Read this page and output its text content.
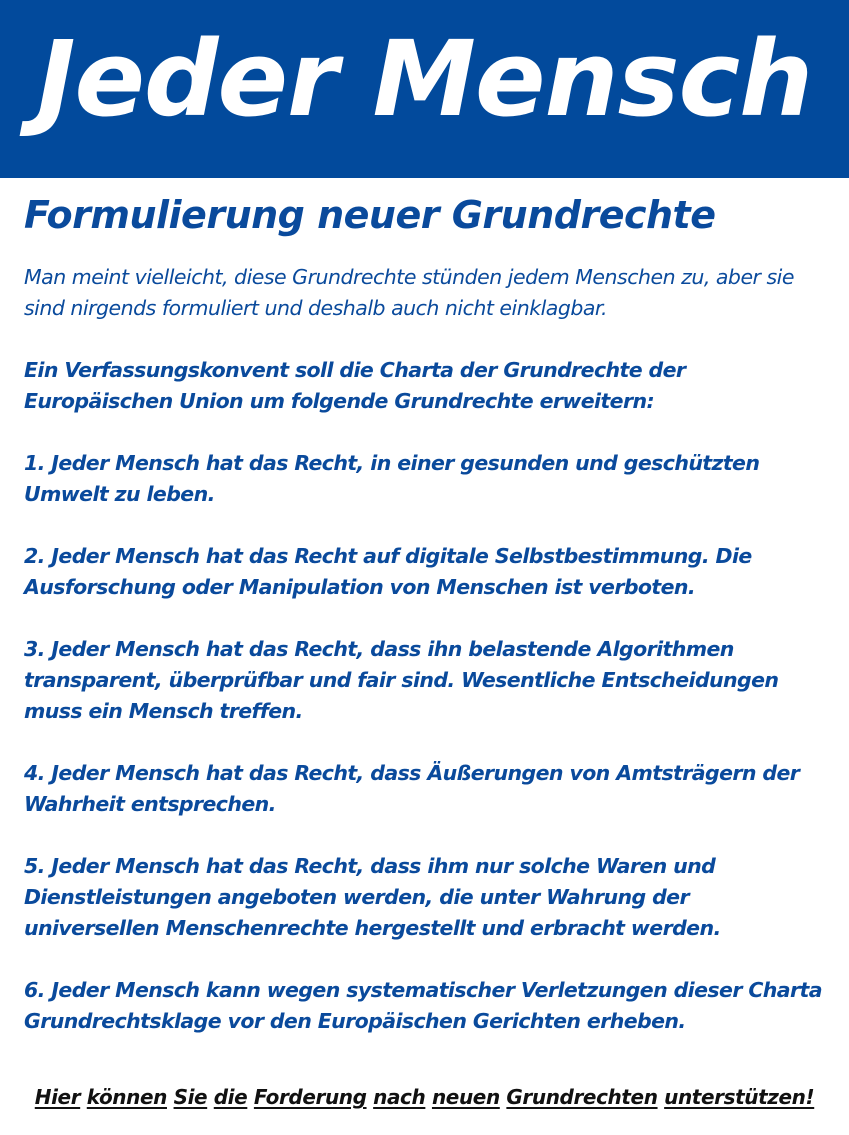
Jeder Mensch
Formulierung neuer Grundrechte

Man meint vielleicht, diese Grundrechte stünden jedem Menschen zu, aber sie sind nirgends formuliert und deshalb auch nicht einklagbar.

Ein Verfassungskonvent soll die Charta der Grundrechte der Europäischen Union um folgende Grundrechte erweitern:

1. Jeder Mensch hat das Recht, in einer gesunden und geschützten Umwelt zu leben.

2. Jeder Mensch hat das Recht auf digitale Selbstbestimmung. Die Ausforschung oder Manipulation von Menschen ist verboten.

3. Jeder Mensch hat das Recht, dass ihn belastende Algorithmen transparent, überprüfbar und fair sind. Wesentliche Entscheidungen muss ein Mensch treffen.

4. Jeder Mensch hat das Recht, dass Äußerungen von Amtsträgern der Wahrheit entsprechen.

5. Jeder Mensch hat das Recht, dass ihm nur solche Waren und Dienstleistungen angeboten werden, die unter Wahrung der universellen Menschenrechte hergestellt und erbracht werden.

6. Jeder Mensch kann wegen systematischer Verletzungen dieser Charta Grundrechtsklage vor den Europäischen Gerichten erheben.

Hier können Sie die Forderung nach neuen Grundrechten unterstützen!
